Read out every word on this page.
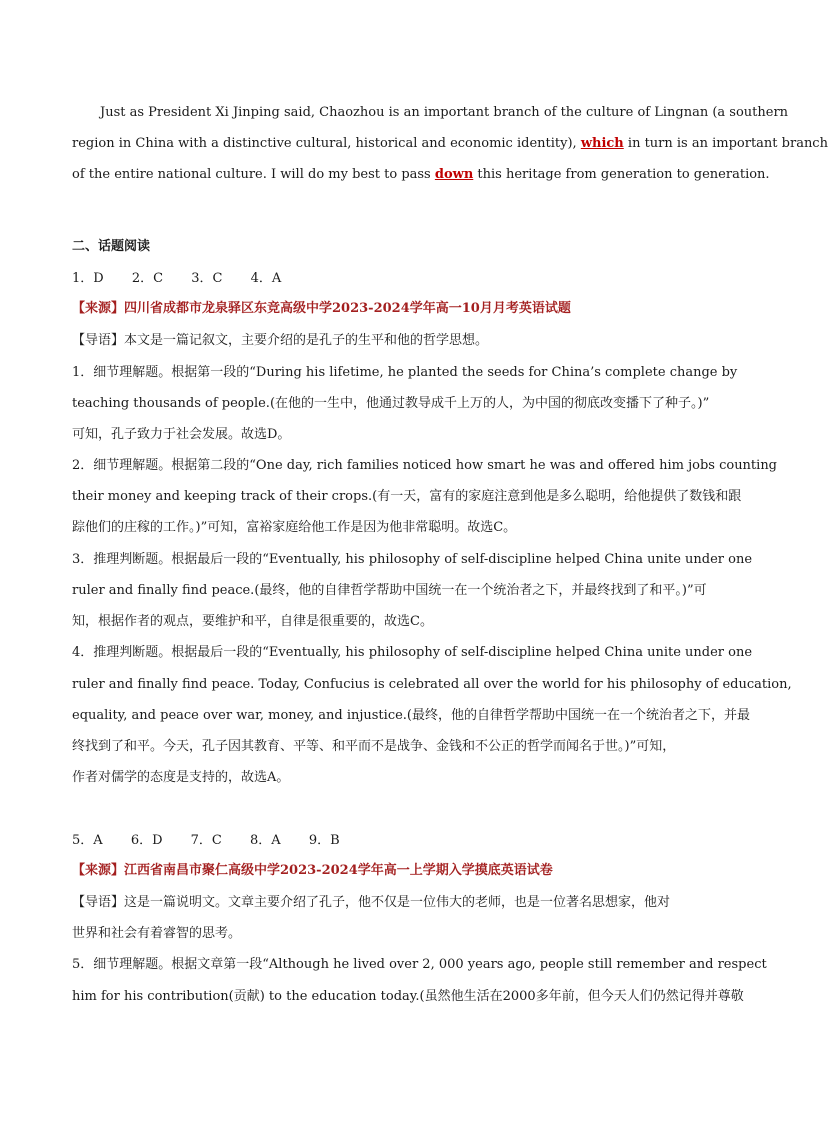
Just as President Xi Jinping said, Chaozhou is an important branch of the culture of Lingnan (a southern
region in China with a distinctive cultural, historical and economic identity), which in turn is an important branch
of the entire national culture. I will do my best to pass down this heritage from generation to generation.
二、话题阅读
1．D 2．C 3．C 4．A
【来源】四川省成都市龙泉驿区东竞高级中学2023-2024学年高一10月月考英语试题
【导语】本文是一篇记叙文，主要介绍的是孔子的生平和他的哲学思想。
1．细节理解题。根据第一段的“During his lifetime, he planted the seeds for China’s complete change by
teaching thousands of people.(在他的一生中，他通过教导成千上万的人，为中国的彻底改变播下了种子。)”
可知，孔子致力于社会发展。故选D。
2．细节理解题。根据第二段的“One day, rich families noticed how smart he was and offered him jobs counting
their money and keeping track of their crops.(有一天，富有的家庭注意到他是多么聪明，给他提供了数钱和跟
踪他们的庄稼的工作。)”可知，富裕家庭给他工作是因为他非常聪明。故选C。
3．推理判断题。根据最后一段的“Eventually, his philosophy of self-discipline helped China unite under one
ruler and finally find peace.(最终，他的自律哲学帮助中国统一在一个统治者之下，并最终找到了和平。)”可
知，根据作者的观点，要维护和平，自律是很重要的，故选C。
4．推理判断题。根据最后一段的“Eventually, his philosophy of self-discipline helped China unite under one
ruler and finally find peace. Today, Confucius is celebrated all over the world for his philosophy of education,
equality, and peace over war, money, and injustice.(最终，他的自律哲学帮助中国统一在一个统治者之下，并最
终找到了和平。今天，孔子因其教育、平等、和平而不是战争、金钱和不公正的哲学而闻名于世。)”可知，
作者对儒学的态度是支持的，故选A。
5．A 6．D 7．C 8．A 9．B
【来源】江西省南昌市聚仁高级中学2023-2024学年高一上学期入学摸底英语试卷
【导语】这是一篇说明文。文章主要介绍了孔子，他不仅是一位伟大的老师，也是一位著名思想家，他对
世界和社会有着睿智的思考。
5．细节理解题。根据文章第一段“Although he lived over 2, 000 years ago, people still remember and respect
him for his contribution(贡献) to the education today.(虽然他生活在2000多年前，但今天人们仍然记得并尊敬
